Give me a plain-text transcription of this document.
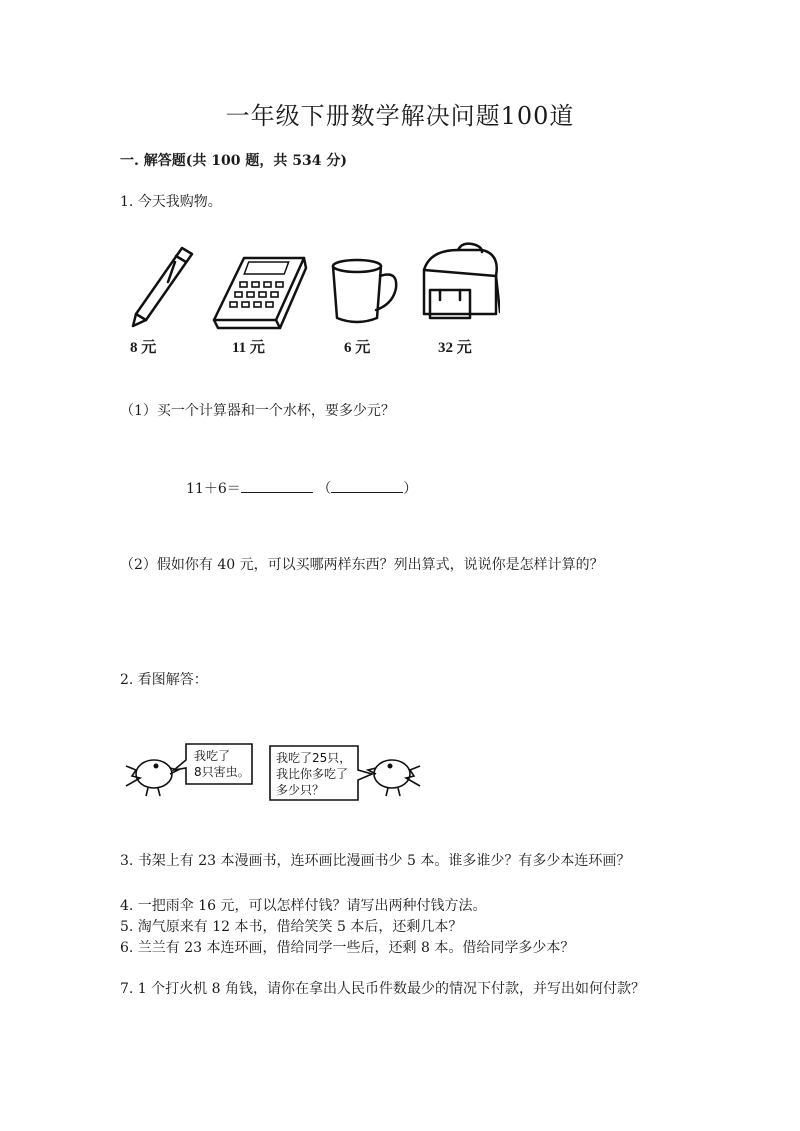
一年级下册数学解决问题100道
一. 解答题(共 100 题，共 534 分)
1. 今天我购物。
8 元	11 元	6 元	32 元
（1）买一个计算器和一个水杯，要多少元？
11＋6＝	（	）
（2）假如你有 40 元，可以买哪两样东西？列出算式，说说你是怎样计算的？
2. 看图解答：
我吃了
8只害虫。
我吃了25只，
我比你多吃了
多少只？
3. 书架上有 23 本漫画书，连环画比漫画书少 5 本。谁多谁少？有多少本连环画？
4. 一把雨伞 16 元，可以怎样付钱？请写出两种付钱方法。
5. 淘气原来有 12 本书，借给笑笑 5 本后，还剩几本？
6. 兰兰有 23 本连环画，借给同学一些后，还剩 8 本。借给同学多少本？
7. 1 个打火机 8 角钱，请你在拿出人民币件数最少的情况下付款，并写出如何付款？
